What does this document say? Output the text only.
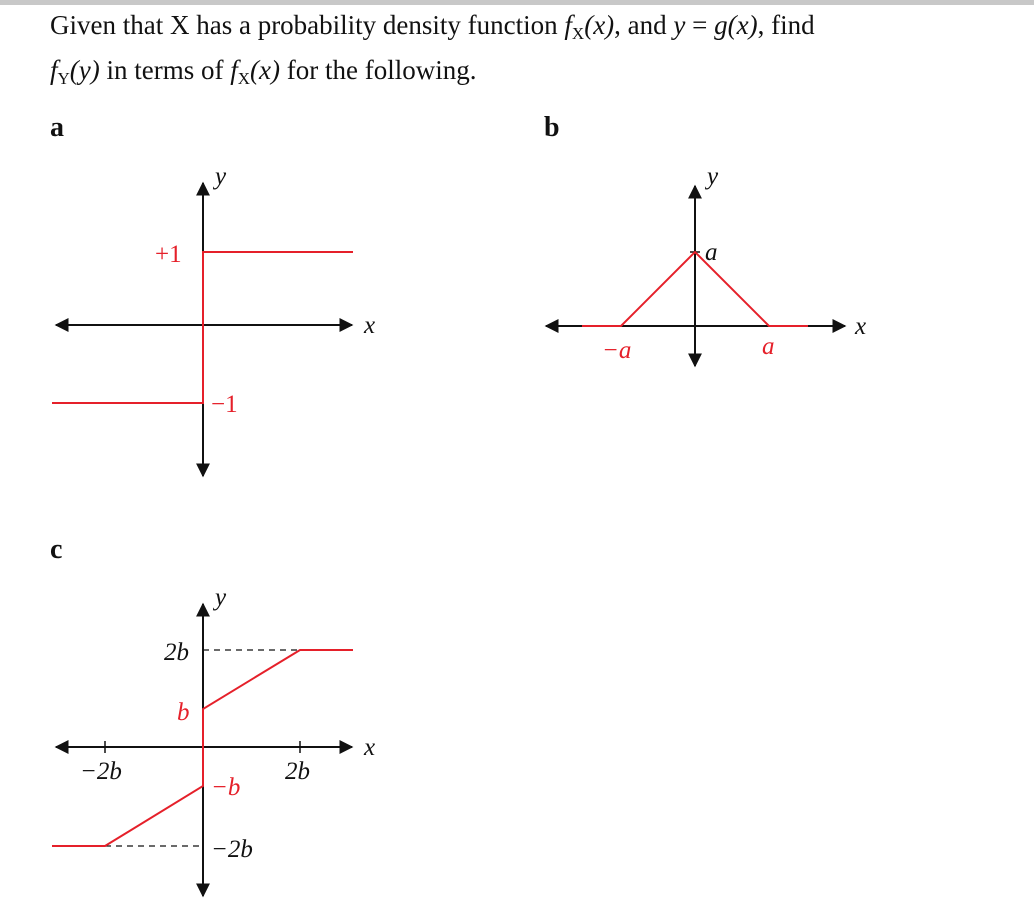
Given that X has a probability density function fX(x), and y = g(x), find
fY(y) in terms of fX(x) for the following.
a	b
c
y
x
+1
−1
y
x
a
−a	a
y
x
2b
b
−b
−2b
−2b	2b
